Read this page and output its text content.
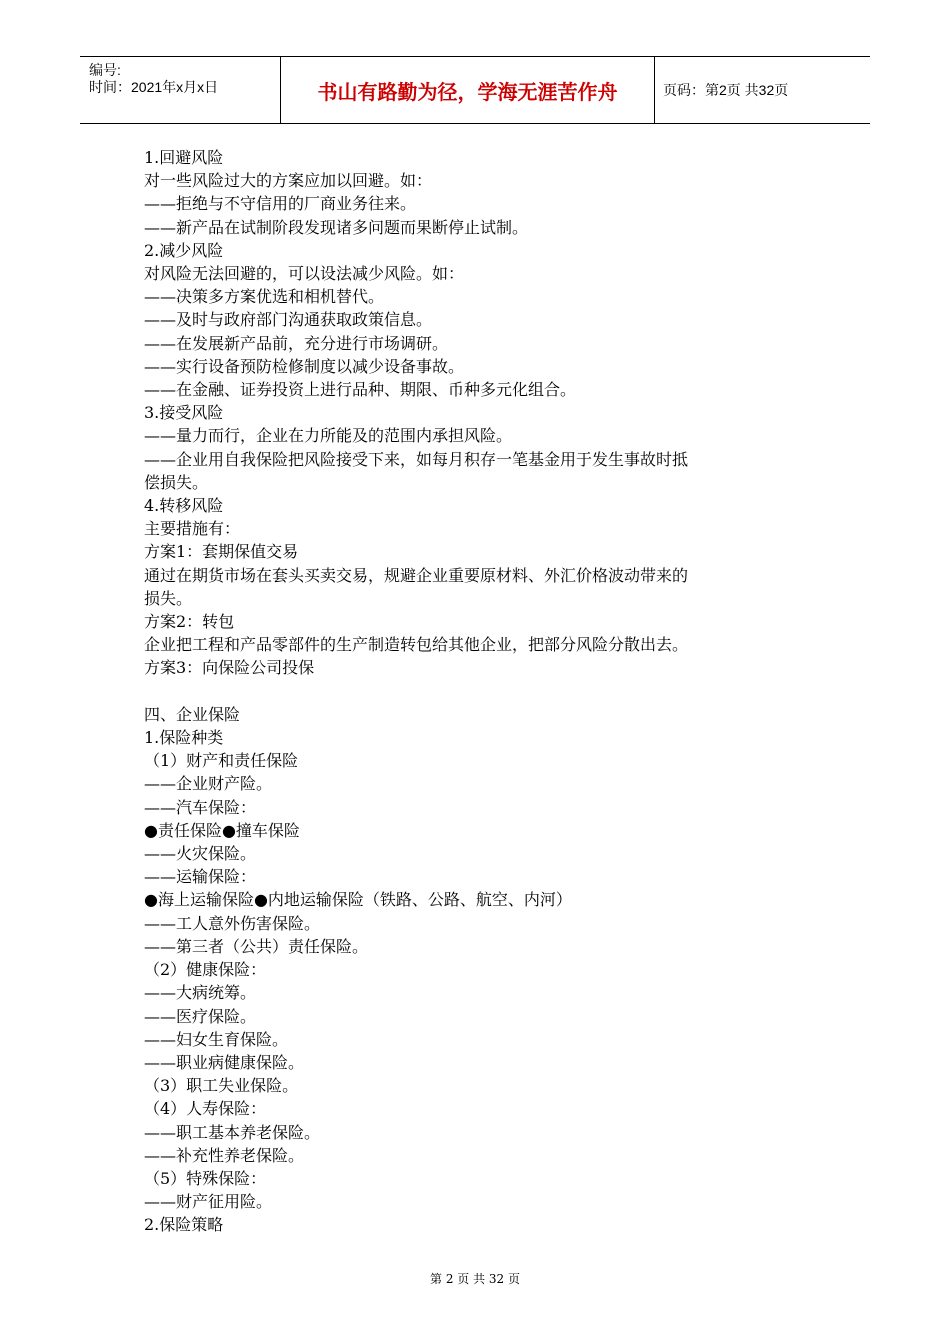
编号:
时间：2021年x月x日	书山有路勤为径，学海无涯苦作舟	页码：第2页 共32页
1.回避风险
对一些风险过大的方案应加以回避。如：
——拒绝与不守信用的厂商业务往来。
——新产品在试制阶段发现诸多问题而果断停止试制。
2.减少风险
对风险无法回避的，可以设法减少风险。如：
——决策多方案优选和相机替代。
——及时与政府部门沟通获取政策信息。
——在发展新产品前，充分进行市场调研。
——实行设备预防检修制度以减少设备事故。
——在金融、证券投资上进行品种、期限、币种多元化组合。
3.接受风险
——量力而行，企业在力所能及的范围内承担风险。
——企业用自我保险把风险接受下来，如每月积存一笔基金用于发生事故时抵
偿损失。
4.转移风险
主要措施有：
方案1：套期保值交易
通过在期货市场在套头买卖交易，规避企业重要原材料、外汇价格波动带来的
损失。
方案2：转包
企业把工程和产品零部件的生产制造转包给其他企业，把部分风险分散出去。
方案3：向保险公司投保
四、企业保险
1.保险种类
（1）财产和责任保险
——企业财产险。
——汽车保险：
●责任保险●撞车保险
——火灾保险。
——运输保险：
●海上运输保险●内地运输保险（铁路、公路、航空、内河）
——工人意外伤害保险。
——第三者（公共）责任保险。
（2）健康保险：
——大病统筹。
——医疗保险。
——妇女生育保险。
——职业病健康保险。
（3）职工失业保险。
（4）人寿保险：
——职工基本养老保险。
——补充性养老保险。
（5）特殊保险：
——财产征用险。
2.保险策略
第 2 页 共 32 页
